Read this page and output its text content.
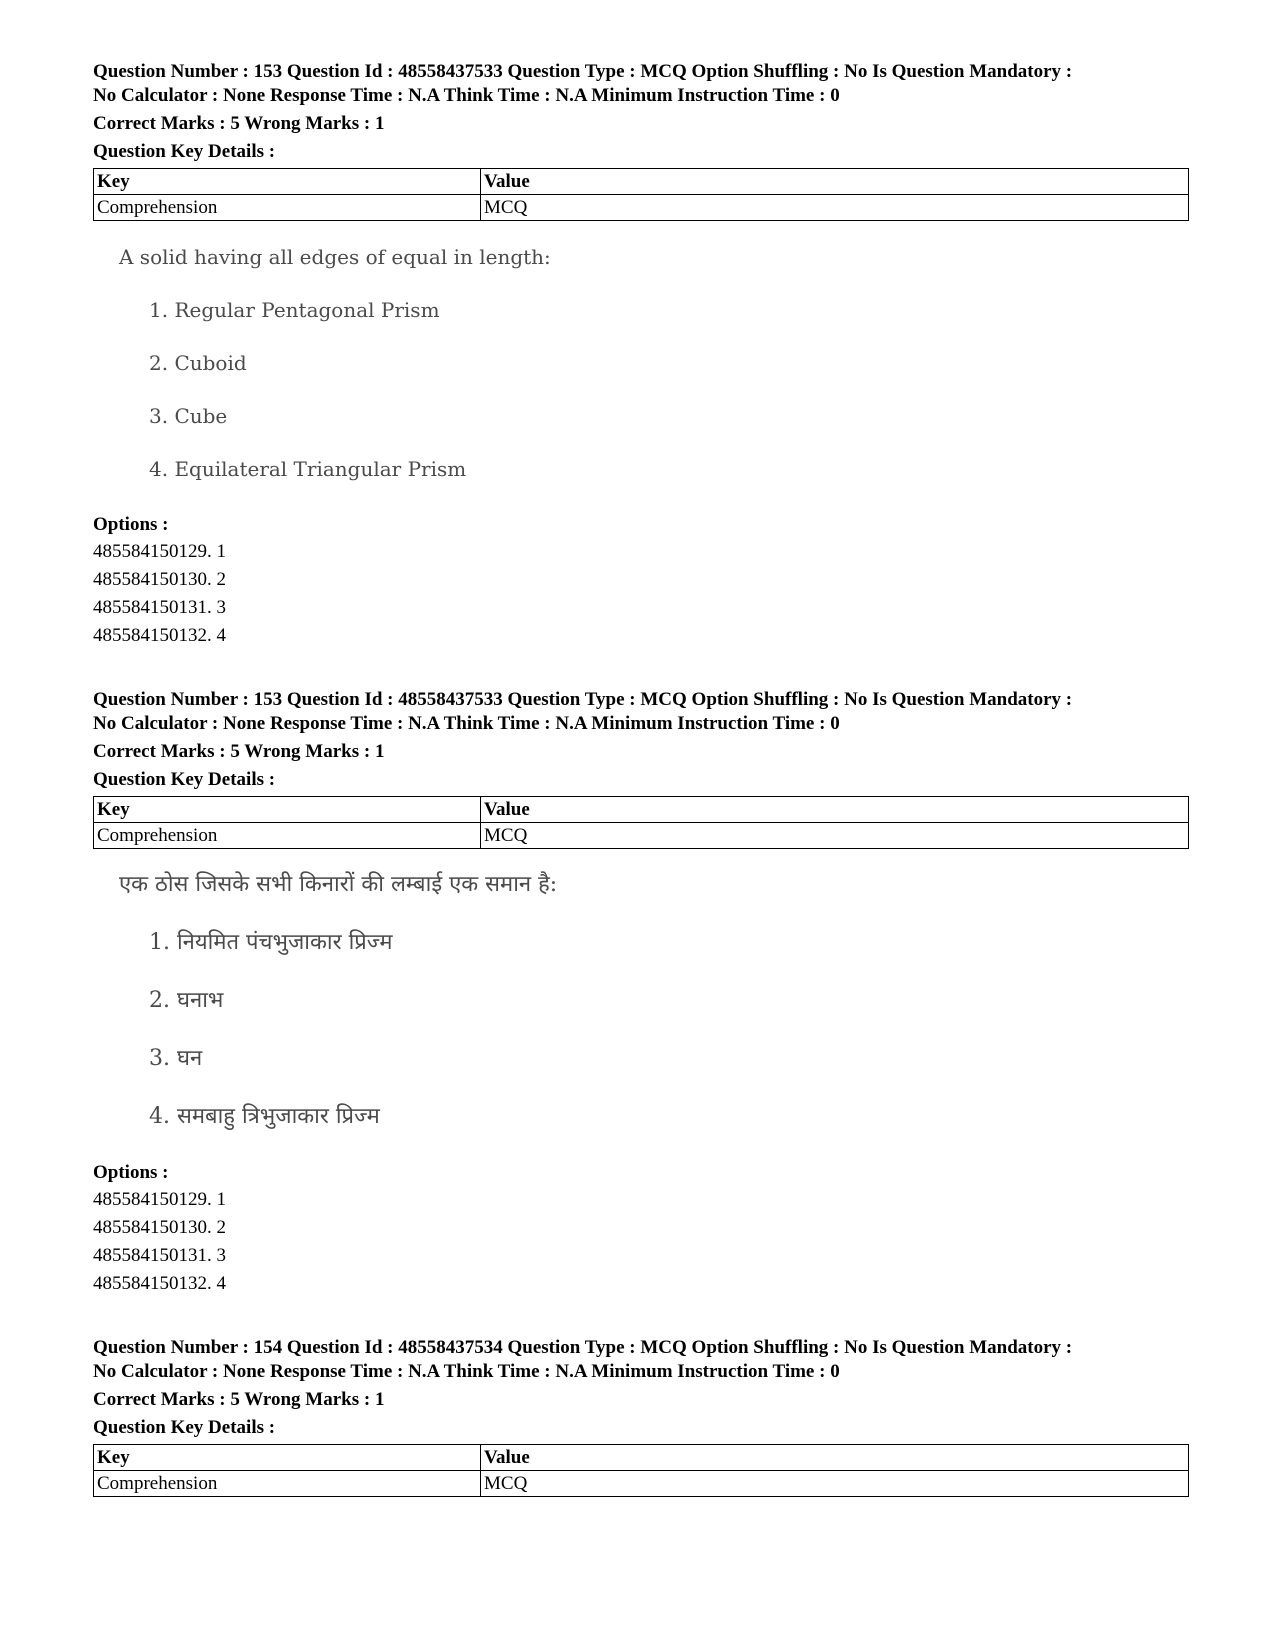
Question Number : 153 Question Id : 48558437533 Question Type : MCQ Option Shuffling : No Is Question Mandatory :
No Calculator : None Response Time : N.A Think Time : N.A Minimum Instruction Time : 0
Correct Marks : 5 Wrong Marks : 1
Question Key Details :
Key	Value
Comprehension	MCQ
A solid having all edges of equal in length:
1. Regular Pentagonal Prism
2. Cuboid
3. Cube
4. Equilateral Triangular Prism
Options :
485584150129. 1
485584150130. 2
485584150131. 3
485584150132. 4
Question Number : 153 Question Id : 48558437533 Question Type : MCQ Option Shuffling : No Is Question Mandatory :
No Calculator : None Response Time : N.A Think Time : N.A Minimum Instruction Time : 0
Correct Marks : 5 Wrong Marks : 1
Question Key Details :
Key	Value
Comprehension	MCQ
एक ठोस जिसके सभी किनारों की लम्बाई एक समान है:
1. नियमित पंचभुजाकार प्रिज्म
2. घनाभ
3. घन
4. समबाहु त्रिभुजाकार प्रिज्म
Options :
485584150129. 1
485584150130. 2
485584150131. 3
485584150132. 4
Question Number : 154 Question Id : 48558437534 Question Type : MCQ Option Shuffling : No Is Question Mandatory :
No Calculator : None Response Time : N.A Think Time : N.A Minimum Instruction Time : 0
Correct Marks : 5 Wrong Marks : 1
Question Key Details :
Key	Value
Comprehension	MCQ
